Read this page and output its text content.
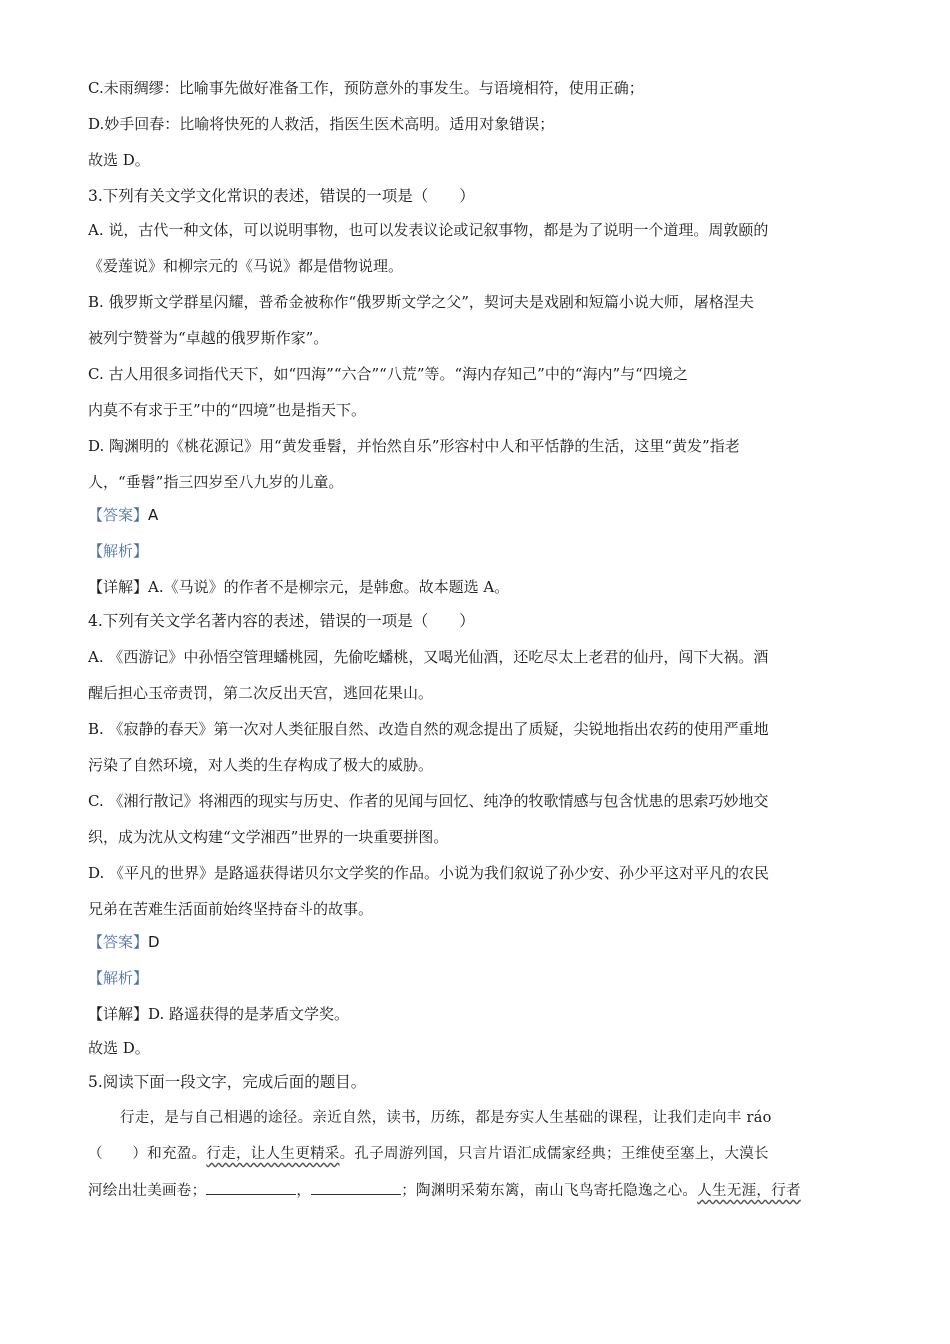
C.未雨绸缪：比喻事先做好准备工作，预防意外的事发生。与语境相符，使用正确；
D.妙手回春：比喻将快死的人救活，指医生医术高明。适用对象错误；
故选 D。
3.下列有关文学文化常识的表述，错误的一项是（　　）
A. 说，古代一种文体，可以说明事物，也可以发表议论或记叙事物，都是为了说明一个道理。周敦颐的
《爱莲说》和柳宗元的《马说》都是借物说理。
B. 俄罗斯文学群星闪耀，普希金被称作“俄罗斯文学之父”，契诃夫是戏剧和短篇小说大师，屠格涅夫
被列宁赞誉为“卓越的俄罗斯作家”。
C. 古人用很多词指代天下，如“四海”“六合”“八荒”等。“海内存知己”中的“海内”与“四境之
内莫不有求于王”中的“四境”也是指天下。
D. 陶渊明的《桃花源记》用“黄发垂髫，并怡然自乐”形容村中人和平恬静的生活，这里“黄发”指老
人，“垂髫”指三四岁至八九岁的儿童。
【答案】A
【解析】
【详解】A.《马说》的作者不是柳宗元，是韩愈。故本题选 A。
4.下列有关文学名著内容的表述，错误的一项是（　　）
A. 《西游记》中孙悟空管理蟠桃园，先偷吃蟠桃，又喝光仙酒，还吃尽太上老君的仙丹，闯下大祸。酒
醒后担心玉帝责罚，第二次反出天宫，逃回花果山。
B. 《寂静的春天》第一次对人类征服自然、改造自然的观念提出了质疑，尖锐地指出农药的使用严重地
污染了自然环境，对人类的生存构成了极大的威胁。
C. 《湘行散记》将湘西的现实与历史、作者的见闻与回忆、纯净的牧歌情感与包含忧患的思索巧妙地交
织，成为沈从文构建“文学湘西”世界的一块重要拼图。
D. 《平凡的世界》是路遥获得诺贝尔文学奖的作品。小说为我们叙说了孙少安、孙少平这对平凡的农民
兄弟在苦难生活面前始终坚持奋斗的故事。
【答案】D
【解析】
【详解】D. 路遥获得的是茅盾文学奖。
故选 D。
5.阅读下面一段文字，完成后面的题目。
行走，是与自己相遇的途径。亲近自然，读书，历练，都是夯实人生基础的课程，让我们走向丰 ráo
（　　）和充盈。行走，让人生更精采。孔子周游列国，只言片语汇成儒家经典；王维使至塞上，大漠长
河绘出壮美画卷；	，	；陶渊明采菊东篱，南山飞鸟寄托隐逸之心。人生无涯，行者
